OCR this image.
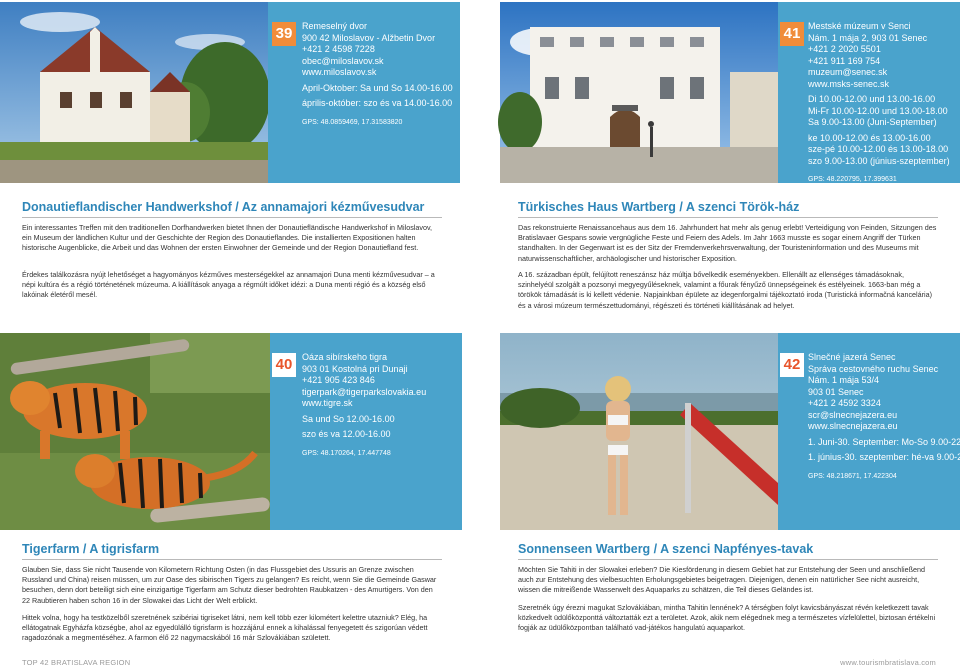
39	Remeselný dvor
900 42 Miloslavov - Alžbetin Dvor
+421 2 4598 7228
obec@miloslavov.sk
www.miloslavov.sk
April-Oktober: Sa und So 14.00-16.00
április-október: szo és va 14.00-16.00
GPS: 48.0859469, 17.31583820
41 Mestské múzeum v Senci
Nám. 1 mája 2, 903 01 Senec
+421 2 2020 5501
+421 911 169 754
muzeum@senec.sk
www.msks-senec.sk
Di 10.00-12.00 und 13.00-16.00
Mi-Fr 10.00-12.00 und 13.00-18.00
Sa 9.00-13.00 (Juni-September)
ke 10.00-12.00 és 13.00-16.00
sze-pé 10.00-12.00 és 13.00-18.00
szo 9.00-13.00 (június-szeptember)
GPS: 48.220795, 17.399631
Donautieflandischer Handwerkshof / Az annamajori kézművesudvar
Ein interessantes Treffen mit den traditionellen Dorfhandwerken bietet Ihnen der Donautiefländische Handwerkshof in Miloslavov, ein Museum der ländlichen Kultur und der Geschichte der Region des Donautieflandes. Die installierten Expositionen halten historische Augenblicke, die Arbeit und das Wohnen der ersten Einwohner der Gemeinde und der Region Donautiefland fest.
Érdekes találkozásra nyújt lehetőséget a hagyományos kézműves mesterségekkel az annamajori Duna menti kézművesudvar – a népi kultúra és a régió történetének múzeuma. A kiállítások anyaga a régmúlt időket idézi: a Duna menti régió és a község első lakóinak életéről mesél.
Türkisches Haus Wartberg / A szenci Török-ház
Das rekonstruierte Renaissancehaus aus dem 16. Jahrhundert hat mehr als genug erlebt! Verteidigung von Feinden, Sitzungen des Bratislavaer Gespans sowie vergnügliche Feste und Feiern des Adels. Im Jahr 1663 musste es sogar einem Angriff der Türken standhalten. In der Gegenwart ist es der Sitz der Fremdenverkehrsverwaltung, der Touristeninformation und des Museums mit naturwissenschaftlicher, archäologischer und historischer Exposition.
A 16. században épült, felújított reneszánsz ház múltja bővelkedik eseményekben. Ellenállt az ellenséges támadásoknak, szinhelyéül szolgált a pozsonyi megyegyűléseknek, valamint a főurak fényűző ünnepségeinek és estélyeinek. 1663-ban még a törökök támadását is ki kellett védenie. Napjainkban épülete az idegenforgalmi tájékoztató iroda (Turistická informačná kancelária) és a városi múzeum természettudományi, régészeti és történeti kiállításának ad helyet.
40	Oáza sibírskeho tigra
903 01 Kostolná pri Dunaji
+421 905 423 846
tigerpark@tigerparkslovakia.eu
www.tigre.sk
Sa und So 12.00-16.00
szo és va 12.00-16.00
GPS: 48.170264, 17.447748
42 Slnečné jazerá Senec
Správa cestovného ruchu Senec
Nám. 1 mája 53/4
903 01 Senec
+421 2 4592 3324
scr@slnecnejazera.eu
www.slnecnejazera.eu
1. Juni-30. September: Mo-So 9.00-22.00
1. június-30. szeptember: hé-va 9.00-22.00
GPS: 48.218671, 17.422304
Tigerfarm / A tigrisfarm
Glauben Sie, dass Sie nicht Tausende von Kilometern Richtung Osten (in das Flussgebiet des Ussuris an Grenze zwischen Russland und China) reisen müssen, um zur Oase des sibirischen Tigers zu gelangen? Es reicht, wenn Sie die Gemeinde Gaswar besuchen, denn dort beteiligt sich eine einzigartige Tigerfarm am Schutz dieser bedrohten Raubkatzen - des Amurtigers. Von den 22 Raubtieren haben schon 16 in der Slowakei das Licht der Welt erblickt.
Hittek volna, hogy ha testközelből szeretnének szibériai tigriseket látni, nem kell több ezer kilométert kelettre utazniuk? Elég, ha ellátogatnak Egyházfa községbe, ahol az egyedülálló tigrisfarm is hozzájárul ennek a kihalással fenyegetett és szigorúan védett ragadozónak a megmentéséhez. A farmon élő 22 nagymacskából 16 már Szlovákiában született.
Sonnenseen Wartberg / A szenci Napfényes-tavak
Möchten Sie Tahiti in der Slowakei erleben? Die Kiesförderung in diesem Gebiet hat zur Entstehung der Seen und anschließend auch zur Entstehung des vielbesuchten Erholungsgebietes beigetragen. Diejenigen, denen ein natürlicher See nicht ausreicht, wissen die mitreißende Wasserwelt des Aquaparks zu schätzen, die Teil dieses Geländes ist.
Szeretnék úgy érezni magukat Szlovákiában, mintha Tahitin lennének? A térségben folyt kavicsbányászat révén keletkezett tavak közkedvelt üdülőközponttá változtatták ezt a területet. Azok, akik nem elégednek meg a természetes vízfelülettel, biztosan értékelni fogják az üdülőközpontban található vad-játékos hangulatú aquaparkot.
TOP 42 BRATISLAVA REGION	www.tourismbratislava.com
